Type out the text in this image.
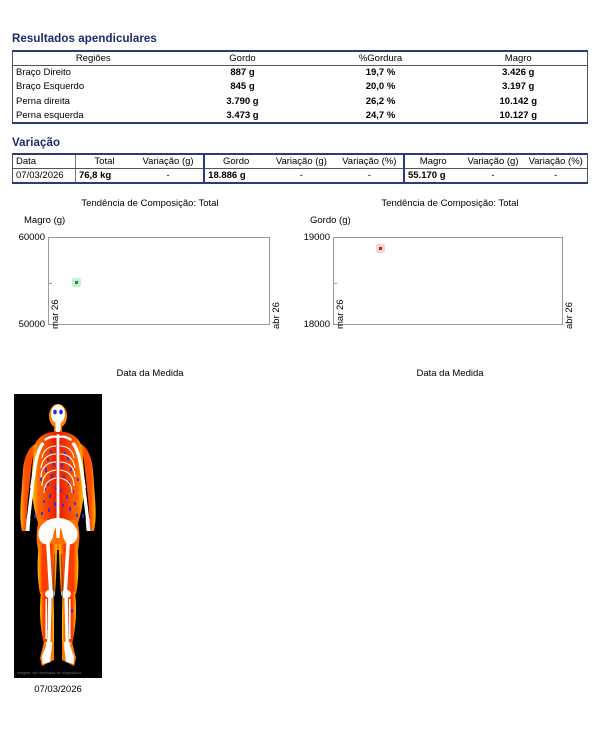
Resultados apendiculares
Regiões	Gordo	%Gordura	Magro
Braço Direito	887 g	19,7 %	3.426 g
Braço Esquerdo	845 g	20,0 %	3.197 g
Perna direita	3.790 g	26,2 %	10.142 g
Perna esquerda	3.473 g	24,7 %	10.127 g
Variação
Data	Total	Variação (g)	Gordo	Variação (g)	Variação (%)	Magro	Variação (g)	Variação (%)
07/03/2026	76,8 kg	-	18.886 g	-	-	55.170 g	-	-
Tendência de Composição: Total
Magro (g)
60000
50000 mar 26	abr 26
Data da Medida
Tendência de Composição: Total
Gordo (g)
19000
18000 mar 26	abr 26
Data da Medida
Imagem não destinada ao diagnóstico
07/03/2026
